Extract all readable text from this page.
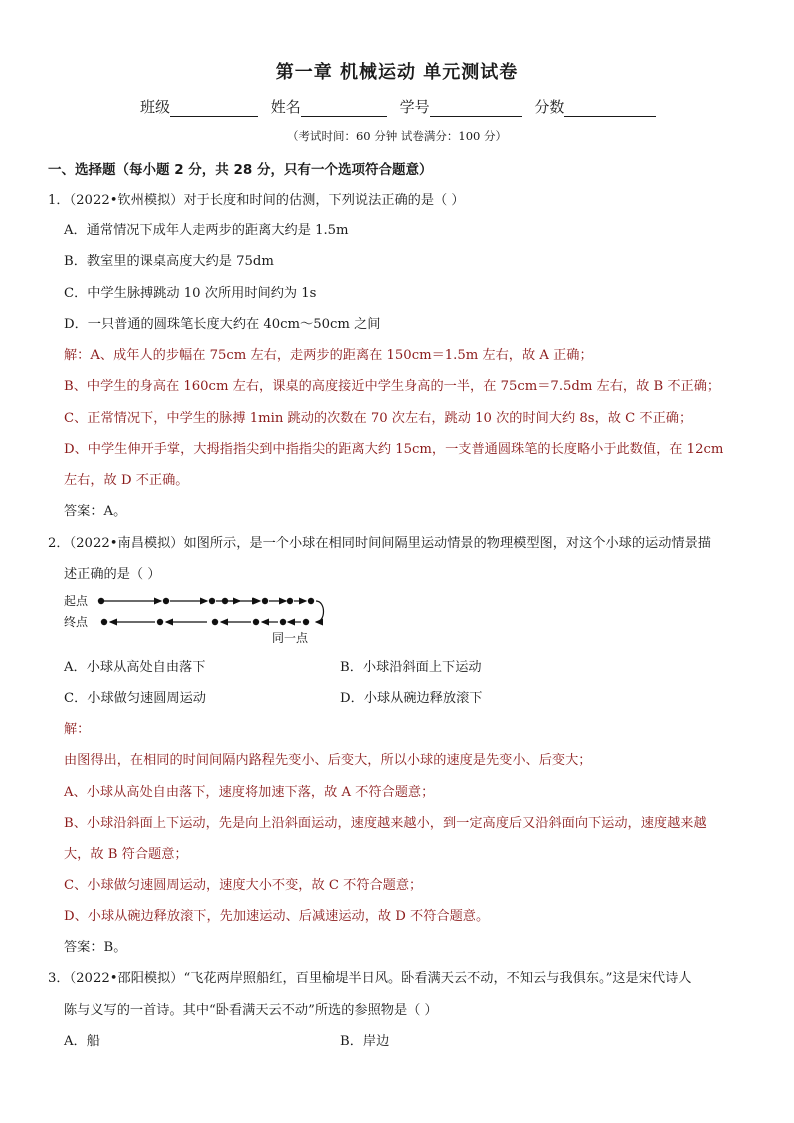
第一章 机械运动 单元测试卷
班级	姓名	学号	分数
（考试时间：60 分钟 试卷满分：100 分）
一、选择题（每小题 2 分，共 28 分，只有一个选项符合题意）
1．（2022•钦州模拟）对于长度和时间的估测，下列说法正确的是（ ）
A．通常情况下成年人走两步的距离大约是 1.5m
B．教室里的课桌高度大约是 75dm
C．中学生脉搏跳动 10 次所用时间约为 1s
D．一只普通的圆珠笔长度大约在 40cm～50cm 之间
解：A、成年人的步幅在 75cm 左右，走两步的距离在 150cm＝1.5m 左右，故 A 正确；
B、中学生的身高在 160cm 左右，课桌的高度接近中学生身高的一半，在 75cm＝7.5dm 左右，故 B 不正确；
C、正常情况下，中学生的脉搏 1min 跳动的次数在 70 次左右，跳动 10 次的时间大约 8s，故 C 不正确；
D、中学生伸开手掌，大拇指指尖到中指指尖的距离大约 15cm，一支普通圆珠笔的长度略小于此数值，在 12cm
左右，故 D 不正确。
答案：A。
2．（2022•南昌模拟）如图所示，是一个小球在相同时间间隔里运动情景的物理模型图，对这个小球的运动情景描
述正确的是（ ）
起点
终点
同一点
A．小球从高处自由落下	B．小球沿斜面上下运动
C．小球做匀速圆周运动	D．小球从碗边释放滚下
解：
由图得出，在相同的时间间隔内路程先变小、后变大，所以小球的速度是先变小、后变大；
A、小球从高处自由落下，速度将加速下落，故 A 不符合题意；
B、小球沿斜面上下运动，先是向上沿斜面运动，速度越来越小，到一定高度后又沿斜面向下运动，速度越来越
大，故 B 符合题意；
C、小球做匀速圆周运动，速度大小不变，故 C 不符合题意；
D、小球从碗边释放滚下，先加速运动、后减速运动，故 D 不符合题意。
答案：B。
3．（2022•邵阳模拟）“飞花两岸照船红，百里榆堤半日风。卧看满天云不动，不知云与我俱东。”这是宋代诗人
陈与义写的一首诗。其中“卧看满天云不动”所选的参照物是（ ）
A．船	B．岸边
